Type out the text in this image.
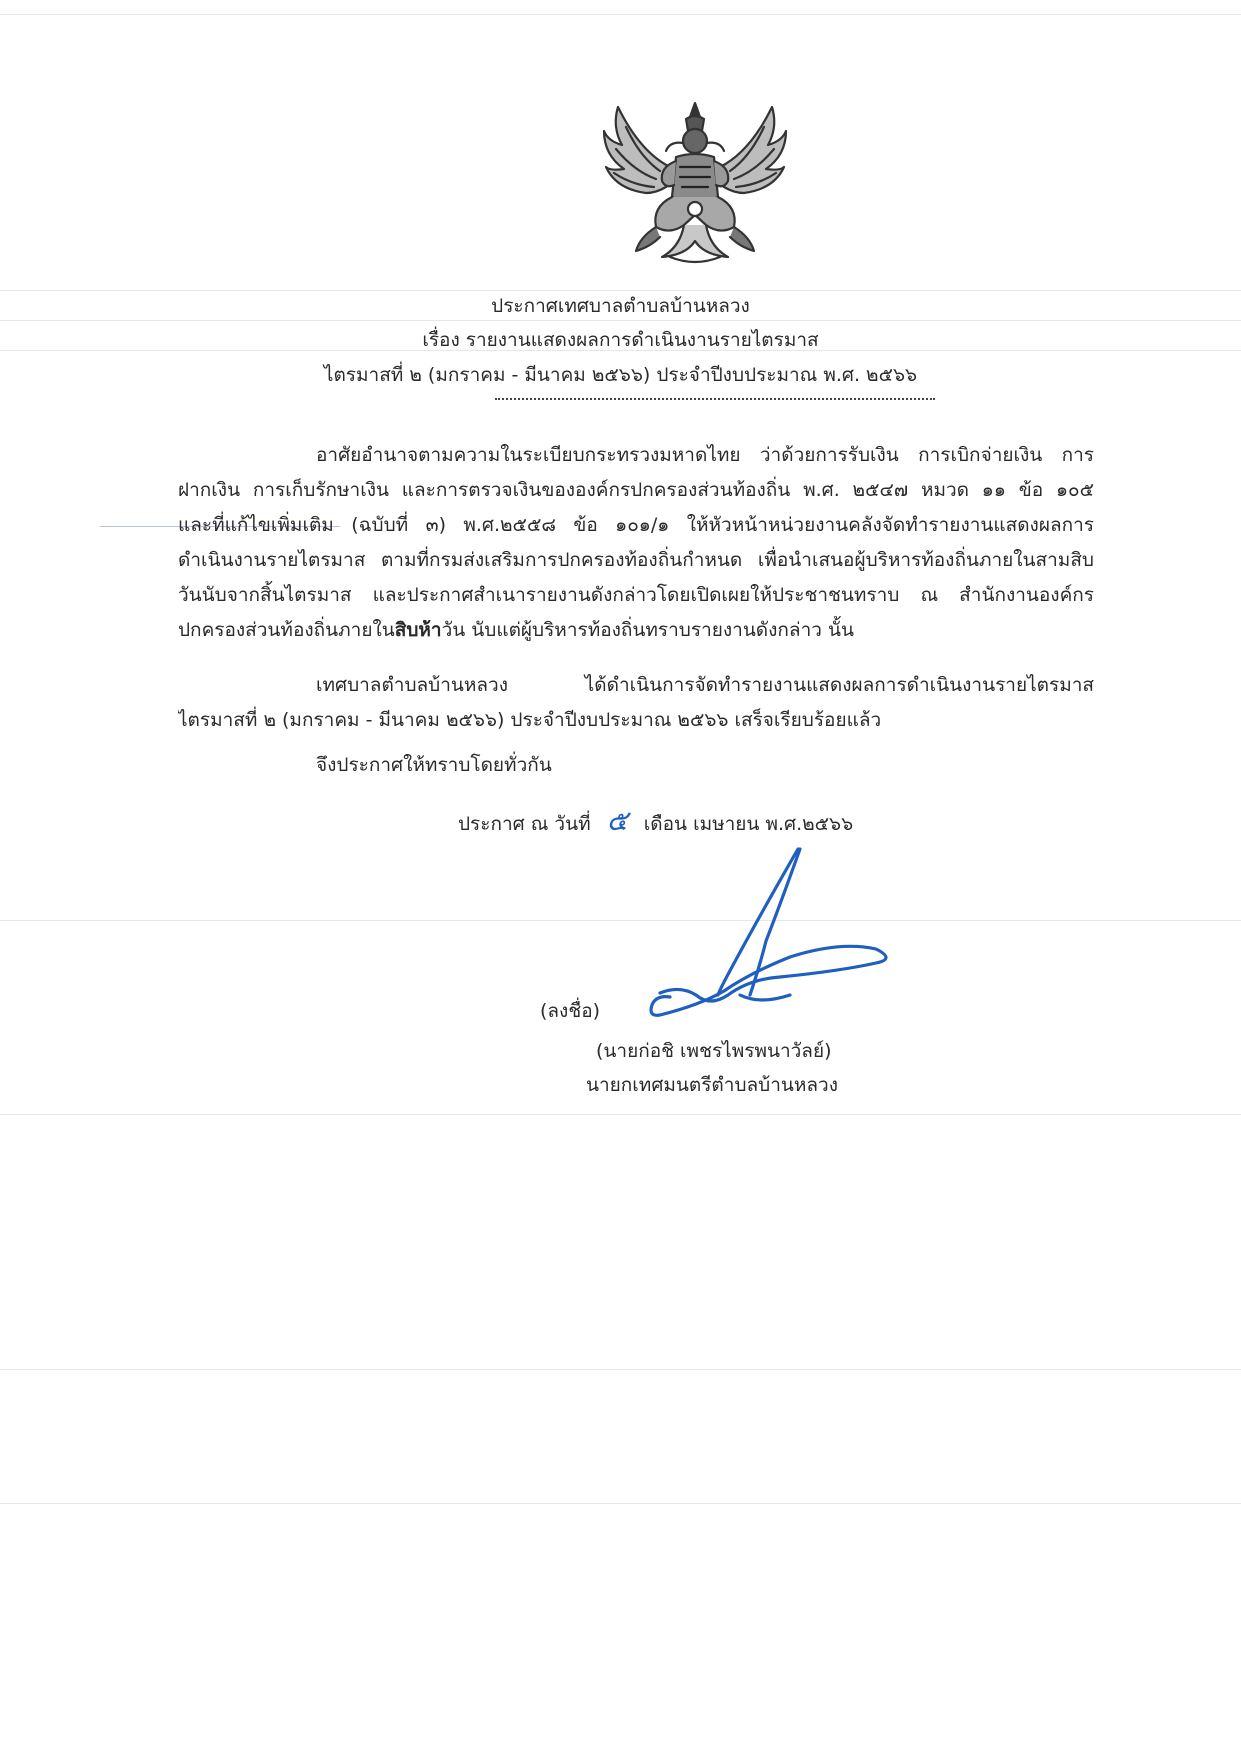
ประกาศเทศบาลตำบลบ้านหลวง
เรื่อง รายงานแสดงผลการดำเนินงานรายไตรมาส
ไตรมาสที่ ๒ (มกราคม - มีนาคม ๒๕๖๖) ประจำปีงบประมาณ พ.ศ. ๒๕๖๖
อาศัยอำนาจตามความในระเบียบกระทรวงมหาดไทย ว่าด้วยการรับเงิน การเบิกจ่ายเงิน การ
ฝากเงิน การเก็บรักษาเงิน และการตรวจเงินขององค์กรปกครองส่วนท้องถิ่น พ.ศ. ๒๕๔๗ หมวด ๑๑ ข้อ ๑๐๕
และที่แก้ไขเพิ่มเติม (ฉบับที่ ๓) พ.ศ.๒๕๕๘ ข้อ ๑๐๑/๑ ให้หัวหน้าหน่วยงานคลังจัดทำรายงานแสดงผลการ
ดำเนินงานรายไตรมาส ตามที่กรมส่งเสริมการปกครองท้องถิ่นกำหนด เพื่อนำเสนอผู้บริหารท้องถิ่นภายในสามสิบ
วันนับจากสิ้นไตรมาส และประกาศสำเนารายงานดังกล่าวโดยเปิดเผยให้ประชาชนทราบ ณ สำนักงานองค์กร
ปกครองส่วนท้องถิ่นภายในสิบห้าวัน นับแต่ผู้บริหารท้องถิ่นทราบรายงานดังกล่าว นั้น
เทศบาลตำบลบ้านหลวง ได้ดำเนินการจัดทำรายงานแสดงผลการดำเนินงานรายไตรมาส
ไตรมาสที่ ๒ (มกราคม - มีนาคม ๒๕๖๖) ประจำปีงบประมาณ ๒๕๖๖ เสร็จเรียบร้อยแล้ว
จึงประกาศให้ทราบโดยทั่วกัน
ประกาศ ณ วันที่ ๕ เดือน เมษายน พ.ศ.๒๕๖๖
(ลงชื่อ)
(นายก่อชิ เพชรไพรพนาวัลย์)
นายกเทศมนตรีตำบลบ้านหลวง
